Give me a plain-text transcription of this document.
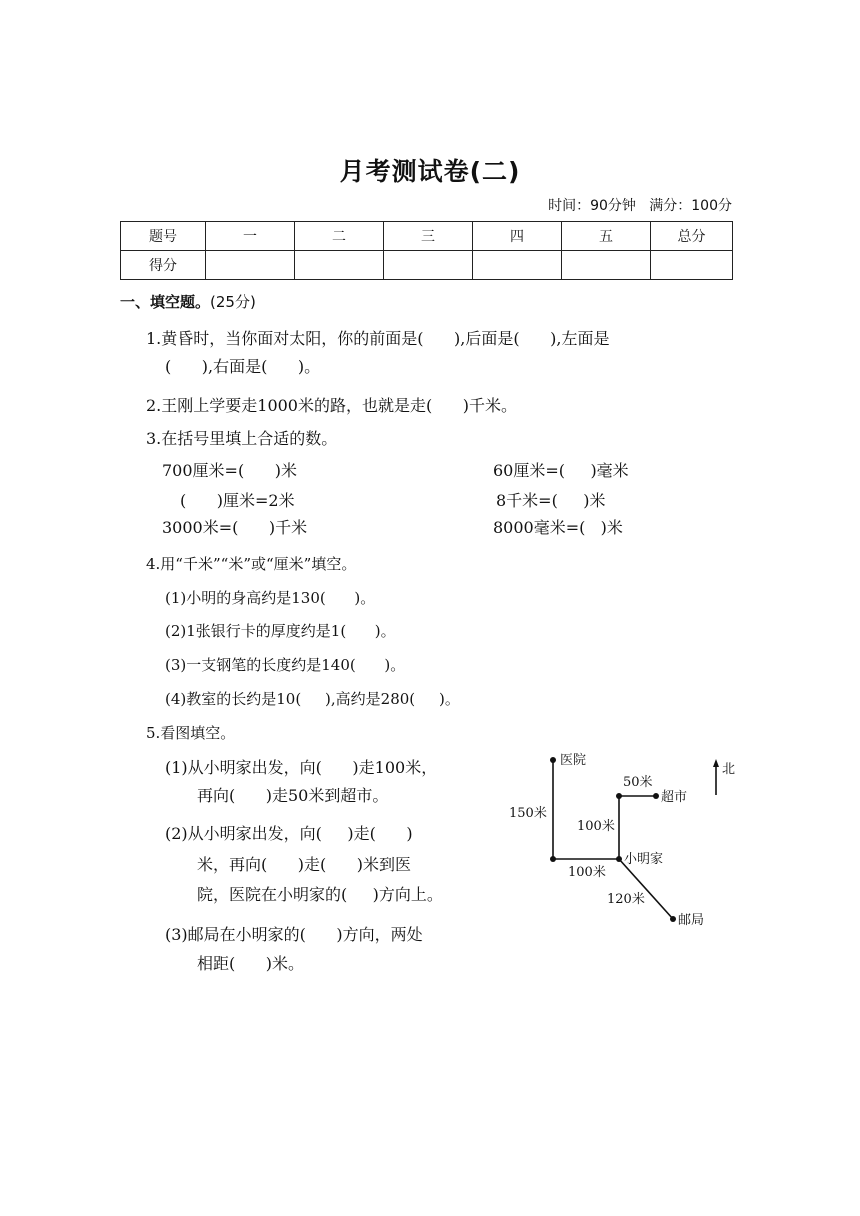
月考测试卷(二)
时间：90分钟   满分：100分
题号	一	二	三	四	五	总分
得分						
一、填空题。(25分)
1.黄昏时，当你面对太阳，你的前面是(      ),后面是(      ),左面是
(      ),右面是(      )。
2.王刚上学要走1000米的路，也就是走(      )千米。
3.在括号里填上合适的数。
700厘米=(      )米	60厘米=(     )毫米
(      )厘米=2米	8千米=(     )米
3000米=(      )千米	8000毫米=(   )米
4.用“千米”“米”或“厘米”填空。
(1)小明的身高约是130(      )。
(2)1张银行卡的厚度约是1(      )。
(3)一支钢笔的长度约是140(      )。
(4)教室的长约是10(     ),高约是280(     )。
5.看图填空。
(1)从小明家出发，向(      )走100米，
再向(      )走50米到超市。
(2)从小明家出发，向(     )走(      )
米，再向(      )走(      )米到医
院，医院在小明家的(     )方向上。
(3)邮局在小明家的(      )方向，两处
相距(      )米。
医院
超市
小明家
邮局
北
150米
100米
100米
50米
120米
